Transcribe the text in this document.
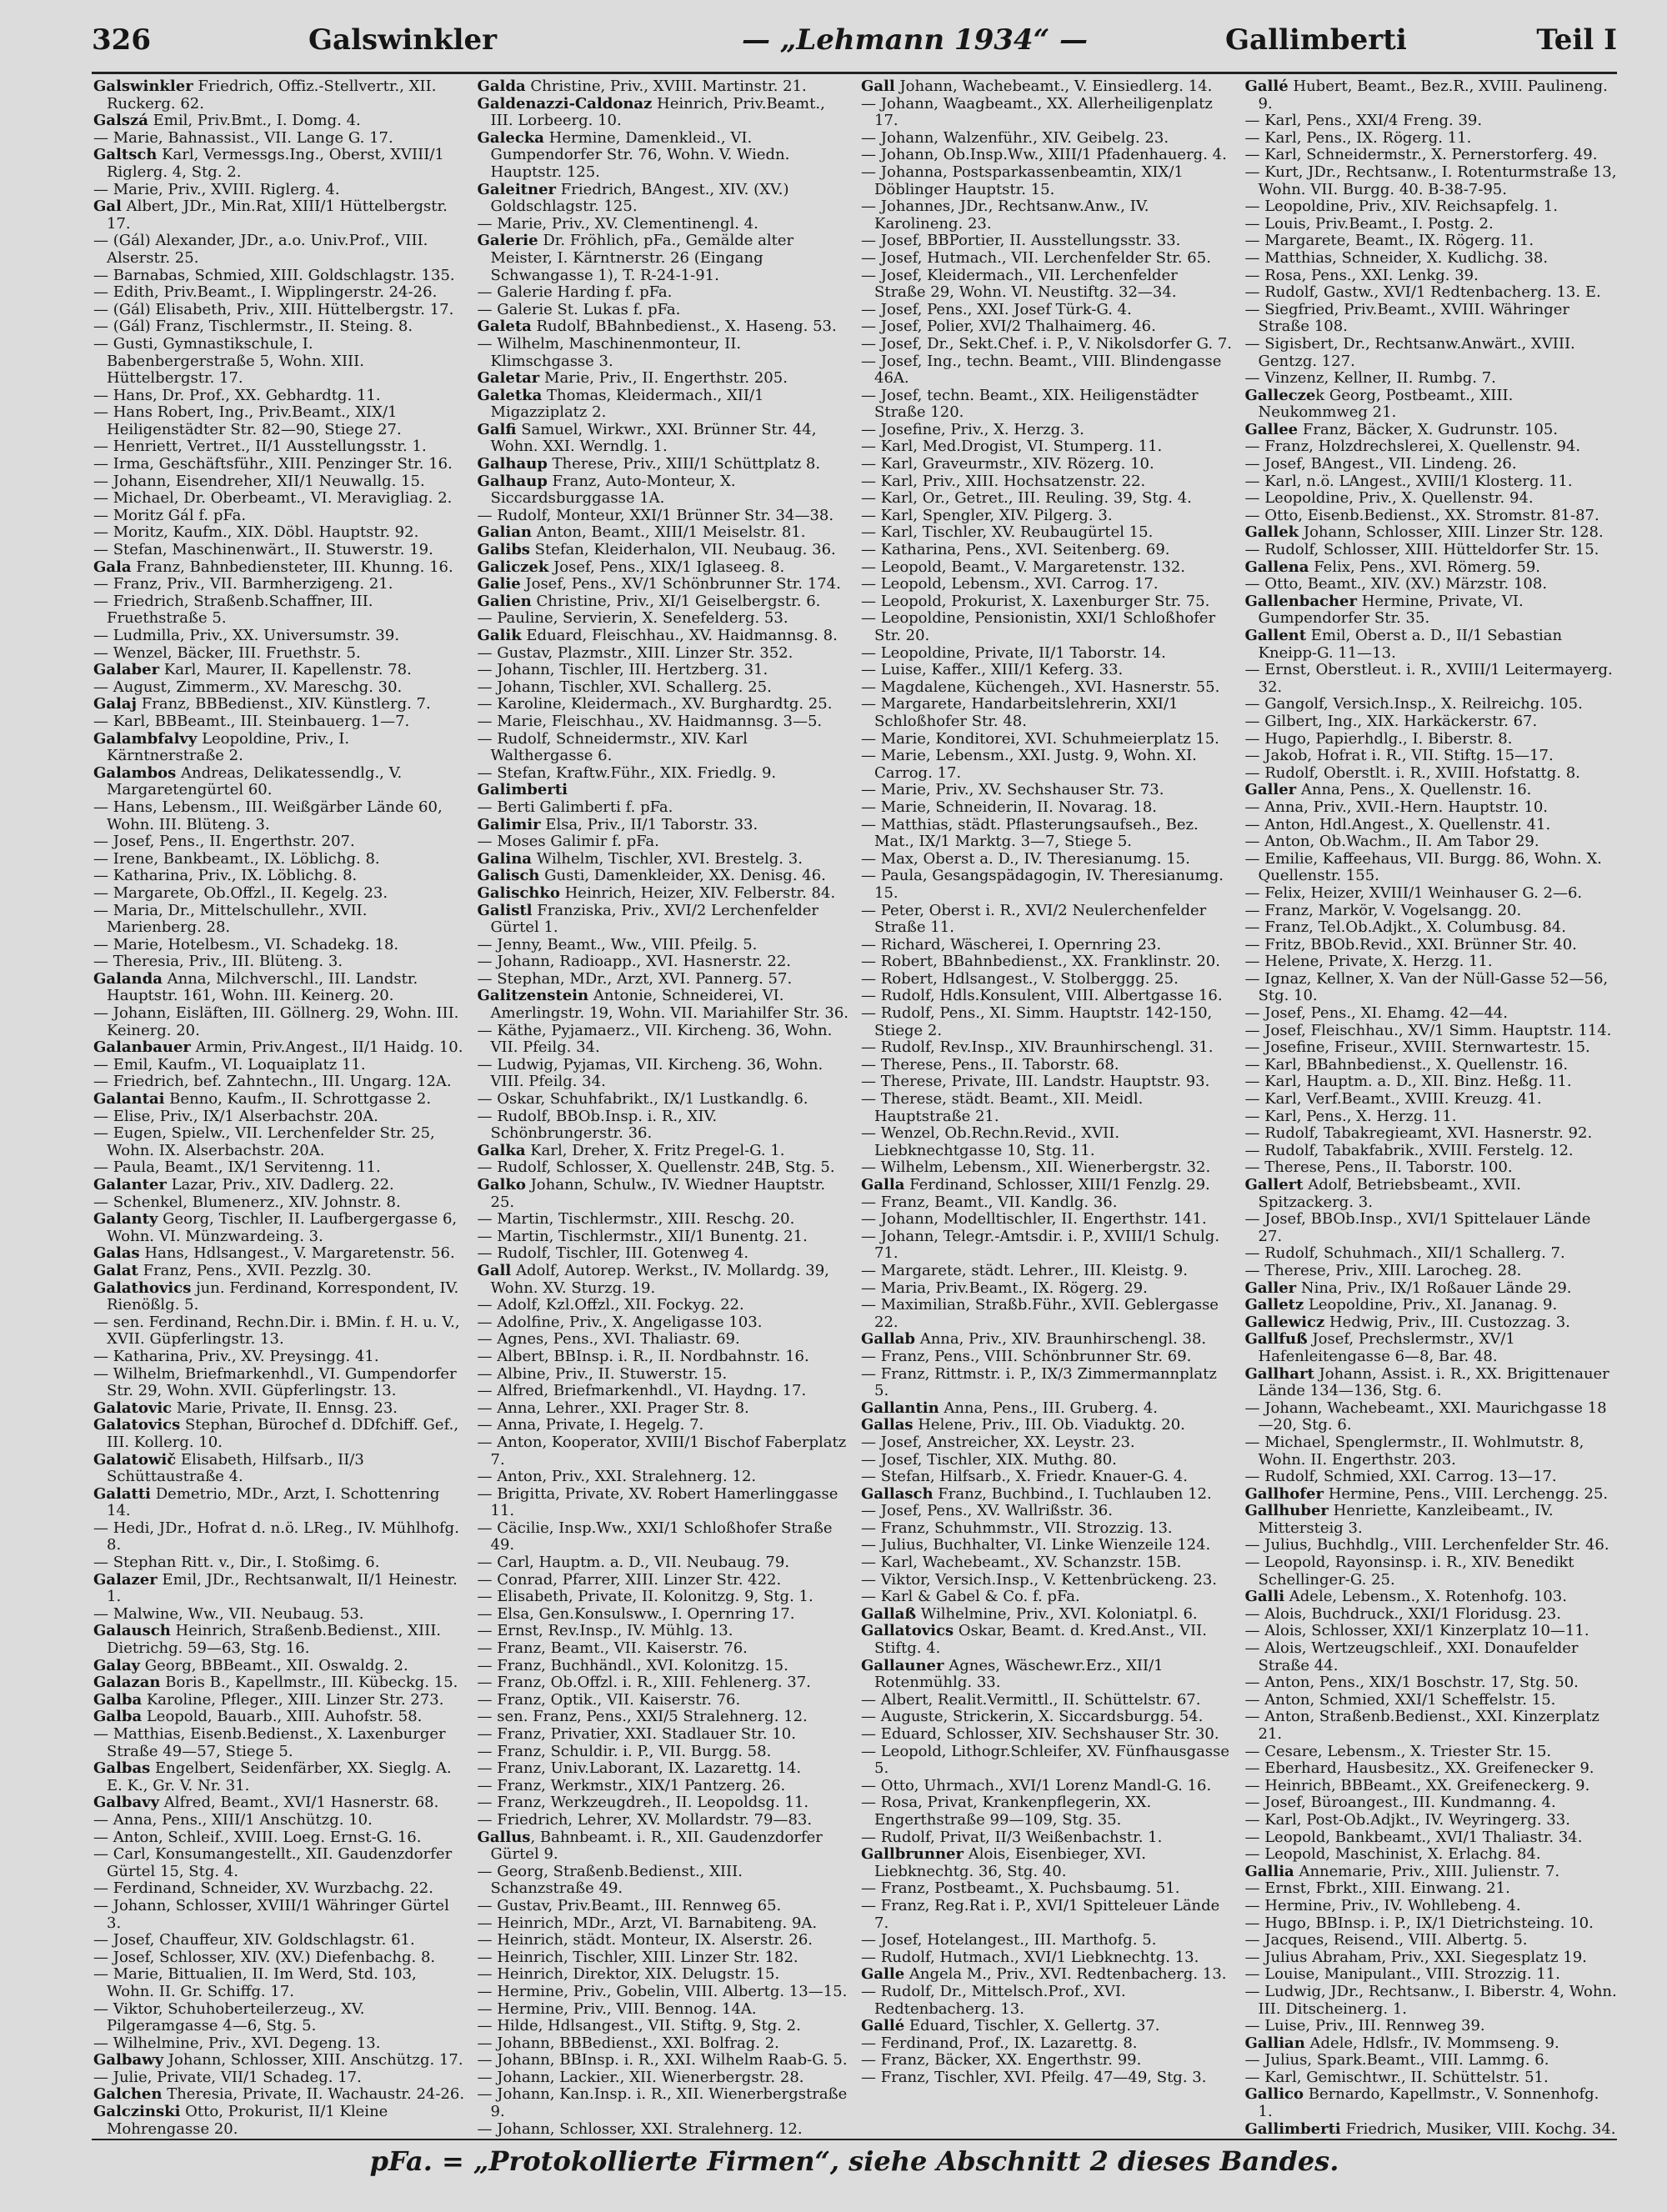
326	Galswinkler	— „Lehmann 1934“ —	Gallimberti	Teil I

Galswinkler Friedrich, Offiz.-Stellvertr., XII. Ruckerg. 62.

Galszá Emil, Priv.Bmt., I. Domg. 4.

— Marie, Bahnassist., VII. Lange G. 17.

Galtsch Karl, Vermessgs.Ing., Oberst, XVIII/1 Riglerg. 4, Stg. 2.

— Marie, Priv., XVIII. Riglerg. 4.

Gal Albert, JDr., Min.Rat, XIII/1 Hüttelbergstr. 17.

— (Gál) Alexander, JDr., a.o. Univ.Prof., VIII. Alserstr. 25.

— Barnabas, Schmied, XIII. Goldschlagstr. 135.

— Edith, Priv.Beamt., I. Wipplingerstr. 24-26.

— (Gál) Elisabeth, Priv., XIII. Hüttelbergstr. 17.

— (Gál) Franz, Tischlermstr., II. Steing. 8.

— Gusti, Gymnastikschule, I. Babenbergerstraße 5, Wohn. XIII. Hüttelbergstr. 17.

— Hans, Dr. Prof., XX. Gebhardtg. 11.

— Hans Robert, Ing., Priv.Beamt., XIX/1 Heiligenstädter Str. 82—90, Stiege 27.

— Henriett, Vertret., II/1 Ausstellungsstr. 1.

— Irma, Geschäftsführ., XIII. Penzinger Str. 16.

— Johann, Eisendreher, XII/1 Neuwallg. 15.

— Michael, Dr. Oberbeamt., VI. Meravigliag. 2.

— Moritz Gál f. pFa.

— Moritz, Kaufm., XIX. Döbl. Hauptstr. 92.

— Stefan, Maschinenwärt., II. Stuwerstr. 19.

Gala Franz, Bahnbediensteter, III. Khunng. 16.

— Franz, Priv., VII. Barmherzigeng. 21.

— Friedrich, Straßenb.Schaffner, III. Fruethstraße 5.

— Ludmilla, Priv., XX. Universumstr. 39.

— Wenzel, Bäcker, III. Fruethstr. 5.

Galaber Karl, Maurer, II. Kapellenstr. 78.

— August, Zimmerm., XV. Mareschg. 30.

Galaj Franz, BBBedienst., XIV. Künstlerg. 7.

— Karl, BBBeamt., III. Steinbauerg. 1—7.

Galambfalvy Leopoldine, Priv., I. Kärntnerstraße 2.

Galambos Andreas, Delikatessendlg., V. Margaretengürtel 60.

— Hans, Lebensm., III. Weißgärber Lände 60, Wohn. III. Blüteng. 3.

— Josef, Pens., II. Engerthstr. 207.

— Irene, Bankbeamt., IX. Löblichg. 8.

— Katharina, Priv., IX. Löblichg. 8.

— Margarete, Ob.Offzl., II. Kegelg. 23.

— Maria, Dr., Mittelschullehr., XVII. Marienberg. 28.

— Marie, Hotelbesm., VI. Schadekg. 18.

— Theresia, Priv., III. Blüteng. 3.

Galanda Anna, Milchverschl., III. Landstr. Hauptstr. 161, Wohn. III. Keinerg. 20.

— Johann, Eisläften, III. Göllnerg. 29, Wohn. III. Keinerg. 20.

Galanbauer Armin, Priv.Angest., II/1 Haidg. 10.

— Emil, Kaufm., VI. Loquaiplatz 11.

— Friedrich, bef. Zahntechn., III. Ungarg. 12A.

Galantai Benno, Kaufm., II. Schrottgasse 2.

— Elise, Priv., IX/1 Alserbachstr. 20A.

— Eugen, Spielw., VII. Lerchenfelder Str. 25, Wohn. IX. Alserbachstr. 20A.

— Paula, Beamt., IX/1 Servitenng. 11.

Galanter Lazar, Priv., XIV. Dadlerg. 22.

— Schenkel, Blumenerz., XIV. Johnstr. 8.

Galanty Georg, Tischler, II. Laufbergergasse 6, Wohn. VI. Münzwardeing. 3.

Galas Hans, Hdlsangest., V. Margaretenstr. 56.

Galat Franz, Pens., XVII. Pezzlg. 30.

Galathovics jun. Ferdinand, Korrespondent, IV. Rienößlg. 5.

— sen. Ferdinand, Rechn.Dir. i. BMin. f. H. u. V., XVII. Güpferlingstr. 13.

— Katharina, Priv., XV. Preysingg. 41.

— Wilhelm, Briefmarkenhdl., VI. Gumpendorfer Str. 29, Wohn. XVII. Güpferlingstr. 13.

Galatovic Marie, Private, II. Ennsg. 23.

Galatovics Stephan, Bürochef d. DDfchiff. Gef., III. Kollerg. 10.

Galatowič Elisabeth, Hilfsarb., II/3 Schüttaustraße 4.

Galatti Demetrio, MDr., Arzt, I. Schottenring 14.

— Hedi, JDr., Hofrat d. n.ö. LReg., IV. Mühlhofg. 8.

— Stephan Ritt. v., Dir., I. Stoßimg. 6.

Galazer Emil, JDr., Rechtsanwalt, II/1 Heinestr. 1.

— Malwine, Ww., VII. Neubaug. 53.

Galausch Heinrich, Straßenb.Bedienst., XIII. Dietrichg. 59—63, Stg. 16.

Galay Georg, BBBeamt., XII. Oswaldg. 2.

Galazan Boris B., Kapellmstr., III. Kübeckg. 15.

Galba Karoline, Pfleger., XIII. Linzer Str. 273.

Galba Leopold, Bauarb., XIII. Auhofstr. 58.

— Matthias, Eisenb.Bedienst., X. Laxenburger Straße 49—57, Stiege 5.

Galbas Engelbert, Seidenfärber, XX. Sieglg. A. E. K., Gr. V. Nr. 31.

Galbavy Alfred, Beamt., XVI/1 Hasnerstr. 68.

— Anna, Pens., XIII/1 Anschützg. 10.

— Anton, Schleif., XVIII. Loeg. Ernst-G. 16.

— Carl, Konsumangestellt., XII. Gaudenzdorfer Gürtel 15, Stg. 4.

— Ferdinand, Schneider, XV. Wurzbachg. 22.

— Johann, Schlosser, XVIII/1 Währinger Gürtel 3.

— Josef, Chauffeur, XIV. Goldschlagstr. 61.

— Josef, Schlosser, XIV. (XV.) Diefenbachg. 8.

— Marie, Bittualien, II. Im Werd, Std. 103, Wohn. II. Gr. Schiffg. 17.

— Viktor, Schuhoberteilerzeug., XV. Pilgeramgasse 4—6, Stg. 5.

— Wilhelmine, Priv., XVI. Degeng. 13.

Galbawy Johann, Schlosser, XIII. Anschützg. 17.

— Julie, Private, VII/1 Schadeg. 17.

Galchen Theresia, Private, II. Wachaustr. 24-26.

Galczinski Otto, Prokurist, II/1 Kleine Mohrengasse 20.

Galda Christine, Priv., XVIII. Martinstr. 21.

Galdenazzi-Caldonaz Heinrich, Priv.Beamt., III. Lorbeerg. 10.

Galecka Hermine, Damenkleid., VI. Gumpendorfer Str. 76, Wohn. V. Wiedn. Hauptstr. 125.

Galeitner Friedrich, BAngest., XIV. (XV.) Goldschlagstr. 125.

— Marie, Priv., XV. Clementinengl. 4.

Galerie Dr. Fröhlich, pFa., Gemälde alter Meister, I. Kärntnerstr. 26 (Eingang Schwangasse 1), T. R-24-1-91.

— Galerie Harding f. pFa.

— Galerie St. Lukas f. pFa.

Galeta Rudolf, BBahnbedienst., X. Haseng. 53.

— Wilhelm, Maschinenmonteur, II. Klimschgasse 3.

Galetar Marie, Priv., II. Engerthstr. 205.

Galetka Thomas, Kleidermach., XII/1 Migazziplatz 2.

Galfi Samuel, Wirkwr., XXI. Brünner Str. 44, Wohn. XXI. Werndlg. 1.

Galhaup Therese, Priv., XIII/1 Schüttplatz 8.

Galhaup Franz, Auto-Monteur, X. Siccardsburggasse 1A.

— Rudolf, Monteur, XXI/1 Brünner Str. 34—38.

Galian Anton, Beamt., XIII/1 Meiselstr. 81.

Galibs Stefan, Kleiderhalon, VII. Neubaug. 36.

Galiczek Josef, Pens., XIX/1 Iglaseeg. 8.

Galie Josef, Pens., XV/1 Schönbrunner Str. 174.

Galien Christine, Priv., XI/1 Geiselbergstr. 6.

— Pauline, Servierin, X. Senefelderg. 53.

Galik Eduard, Fleischhau., XV. Haidmannsg. 8.

— Gustav, Plazmstr., XIII. Linzer Str. 352.

— Johann, Tischler, III. Hertzberg. 31.

— Johann, Tischler, XVI. Schallerg. 25.

— Karoline, Kleidermach., XV. Burghardtg. 25.

— Marie, Fleischhau., XV. Haidmannsg. 3—5.

— Rudolf, Schneidermstr., XIV. Karl Walthergasse 6.

— Stefan, Kraftw.Führ., XIX. Friedlg. 9.

Galimberti

— Berti Galimberti f. pFa.

Galimir Elsa, Priv., II/1 Taborstr. 33.

— Moses Galimir f. pFa.

Galina Wilhelm, Tischler, XVI. Brestelg. 3.

Galisch Gusti, Damenkleider, XX. Denisg. 46.

Galischko Heinrich, Heizer, XIV. Felberstr. 84.

Galistl Franziska, Priv., XVI/2 Lerchenfelder Gürtel 1.

— Jenny, Beamt., Ww., VIII. Pfeilg. 5.

— Johann, Radioapp., XVI. Hasnerstr. 22.

— Stephan, MDr., Arzt, XVI. Pannerg. 57.

Galitzenstein Antonie, Schneiderei, VI. Amerlingstr. 19, Wohn. VII. Mariahilfer Str. 36.

— Käthe, Pyjamaerz., VII. Kircheng. 36, Wohn. VII. Pfeilg. 34.

— Ludwig, Pyjamas, VII. Kircheng. 36, Wohn. VIII. Pfeilg. 34.

— Oskar, Schuhfabrikt., IX/1 Lustkandlg. 6.

— Rudolf, BBOb.Insp. i. R., XIV. Schönbrungerstr. 36.

Galka Karl, Dreher, X. Fritz Pregel-G. 1.

— Rudolf, Schlosser, X. Quellenstr. 24B, Stg. 5.

Galko Johann, Schulw., IV. Wiedner Hauptstr. 25.

— Martin, Tischlermstr., XIII. Reschg. 20.

— Martin, Tischlermstr., XII/1 Bunentg. 21.

— Rudolf, Tischler, III. Gotenweg 4.

Gall Adolf, Autorep. Werkst., IV. Mollardg. 39, Wohn. XV. Sturzg. 19.

— Adolf, Kzl.Offzl., XII. Fockyg. 22.

— Adolfine, Priv., X. Angeligasse 103.

— Agnes, Pens., XVI. Thaliastr. 69.

— Albert, BBInsp. i. R., II. Nordbahnstr. 16.

— Albine, Priv., II. Stuwerstr. 15.

— Alfred, Briefmarkenhdl., VI. Haydng. 17.

— Anna, Lehrer., XXI. Prager Str. 8.

— Anna, Private, I. Hegelg. 7.

— Anton, Kooperator, XVIII/1 Bischof Faberplatz 7.

— Anton, Priv., XXI. Stralehnerg. 12.

— Brigitta, Private, XV. Robert Hamerlinggasse 11.

— Cäcilie, Insp.Ww., XXI/1 Schloßhofer Straße 49.

— Carl, Hauptm. a. D., VII. Neubaug. 79.

— Conrad, Pfarrer, XIII. Linzer Str. 422.

— Elisabeth, Private, II. Kolonitzg. 9, Stg. 1.

— Elsa, Gen.Konsulsww., I. Opernring 17.

— Ernst, Rev.Insp., IV. Mühlg. 13.

— Franz, Beamt., VII. Kaiserstr. 76.

— Franz, Buchhändl., XVI. Kolonitzg. 15.

— Franz, Ob.Offzl. i. R., XIII. Fehlenerg. 37.

— Franz, Optik., VII. Kaiserstr. 76.

— sen. Franz, Pens., XXI/5 Stralehnerg. 12.

— Franz, Privatier, XXI. Stadlauer Str. 10.

— Franz, Schuldir. i. P., VII. Burgg. 58.

— Franz, Univ.Laborant, IX. Lazarettg. 14.

— Franz, Werkmstr., XIX/1 Pantzerg. 26.

— Franz, Werkzeugdreh., II. Leopoldsg. 11.

— Friedrich, Lehrer, XV. Mollardstr. 79—83.

Gallus, Bahnbeamt. i. R., XII. Gaudenzdorfer Gürtel 9.

— Georg, Straßenb.Bedienst., XIII. Schanzstraße 49.

— Gustav, Priv.Beamt., III. Rennweg 65.

— Heinrich, MDr., Arzt, VI. Barnabiteng. 9A.

— Heinrich, städt. Monteur, IX. Alserstr. 26.

— Heinrich, Tischler, XIII. Linzer Str. 182.

— Heinrich, Direktor, XIX. Delugstr. 15.

— Hermine, Priv., Gobelin, VIII. Albertg. 13—15.

— Hermine, Priv., VIII. Bennog. 14A.

— Hilde, Hdlsangest., VII. Stiftg. 9, Stg. 2.

— Johann, BBBedienst., XXI. Bolfrag. 2.

— Johann, BBInsp. i. R., XXI. Wilhelm Raab-G. 5.

— Johann, Lackier., XII. Wienerbergstr. 28.

— Johann, Kan.Insp. i. R., XII. Wienerbergstraße 9.

— Johann, Schlosser, XXI. Stralehnerg. 12.

Gall Johann, Wachebeamt., V. Einsiedlerg. 14.

— Johann, Waagbeamt., XX. Allerheiligenplatz 17.

— Johann, Walzenführ., XIV. Geibelg. 23.

— Johann, Ob.Insp.Ww., XIII/1 Pfadenhauerg. 4.

— Johanna, Postsparkassenbeamtin, XIX/1 Döblinger Hauptstr. 15.

— Johannes, JDr., Rechtsanw.Anw., IV. Karolineng. 23.

— Josef, BBPortier, II. Ausstellungsstr. 33.

— Josef, Hutmach., VII. Lerchenfelder Str. 65.

— Josef, Kleidermach., VII. Lerchenfelder Straße 29, Wohn. VI. Neustiftg. 32—34.

— Josef, Pens., XXI. Josef Türk-G. 4.

— Josef, Polier, XVI/2 Thalhaimerg. 46.

— Josef, Dr., Sekt.Chef. i. P., V. Nikolsdorfer G. 7.

— Josef, Ing., techn. Beamt., VIII. Blindengasse 46A.

— Josef, techn. Beamt., XIX. Heiligenstädter Straße 120.

— Josefine, Priv., X. Herzg. 3.

— Karl, Med.Drogist, VI. Stumperg. 11.

— Karl, Graveurmstr., XIV. Rözerg. 10.

— Karl, Priv., XIII. Hochsatzenstr. 22.

— Karl, Or., Getret., III. Reuling. 39, Stg. 4.

— Karl, Spengler, XIV. Pilgerg. 3.

— Karl, Tischler, XV. Reubaugürtel 15.

— Katharina, Pens., XVI. Seitenberg. 69.

— Leopold, Beamt., V. Margaretenstr. 132.

— Leopold, Lebensm., XVI. Carrog. 17.

— Leopold, Prokurist, X. Laxenburger Str. 75.

— Leopoldine, Pensionistin, XXI/1 Schloßhofer Str. 20.

— Leopoldine, Private, II/1 Taborstr. 14.

— Luise, Kaffer., XIII/1 Keferg. 33.

— Magdalene, Küchengeh., XVI. Hasnerstr. 55.

— Margarete, Handarbeitslehrerin, XXI/1 Schloßhofer Str. 48.

— Marie, Konditorei, XVI. Schuhmeierplatz 15.

— Marie, Lebensm., XXI. Justg. 9, Wohn. XI. Carrog. 17.

— Marie, Priv., XV. Sechshauser Str. 73.

— Marie, Schneiderin, II. Novarag. 18.

— Matthias, städt. Pflasterungsaufseh., Bez. Mat., IX/1 Marktg. 3—7, Stiege 5.

— Max, Oberst a. D., IV. Theresianumg. 15.

— Paula, Gesangspädagogin, IV. Theresianumg. 15.

— Peter, Oberst i. R., XVI/2 Neulerchenfelder Straße 11.

— Richard, Wäscherei, I. Opernring 23.

— Robert, BBahnbedienst., XX. Franklinstr. 20.

— Robert, Hdlsangest., V. Stolberggg. 25.

— Rudolf, Hdls.Konsulent, VIII. Albertgasse 16.

— Rudolf, Pens., XI. Simm. Hauptstr. 142-150, Stiege 2.

— Rudolf, Rev.Insp., XIV. Braunhirschengl. 31.

— Therese, Pens., II. Taborstr. 68.

— Therese, Private, III. Landstr. Hauptstr. 93.

— Therese, städt. Beamt., XII. Meidl. Hauptstraße 21.

— Wenzel, Ob.Rechn.Revid., XVII. Liebknechtgasse 10, Stg. 11.

— Wilhelm, Lebensm., XII. Wienerbergstr. 32.

Galla Ferdinand, Schlosser, XIII/1 Fenzlg. 29.

— Franz, Beamt., VII. Kandlg. 36.

— Johann, Modelltischler, II. Engerthstr. 141.

— Johann, Telegr.-Amtsdir. i. P., XVIII/1 Schulg. 71.

— Margarete, städt. Lehrer., III. Kleistg. 9.

— Maria, Priv.Beamt., IX. Rögerg. 29.

— Maximilian, Straßb.Führ., XVII. Geblergasse 22.

Gallab Anna, Priv., XIV. Braunhirschengl. 38.

— Franz, Pens., VIII. Schönbrunner Str. 69.

— Franz, Rittmstr. i. P., IX/3 Zimmermannplatz 5.

Gallantin Anna, Pens., III. Gruberg. 4.

Gallas Helene, Priv., III. Ob. Viaduktg. 20.

— Josef, Anstreicher, XX. Leystr. 23.

— Josef, Tischler, XIX. Muthg. 80.

— Stefan, Hilfsarb., X. Friedr. Knauer-G. 4.

Gallasch Franz, Buchbind., I. Tuchlauben 12.

— Josef, Pens., XV. Wallrißstr. 36.

— Franz, Schuhmmstr., VII. Strozzig. 13.

— Julius, Buchhalter, VI. Linke Wienzeile 124.

— Karl, Wachebeamt., XV. Schanzstr. 15B.

— Viktor, Versich.Insp., V. Kettenbrückeng. 23.

— Karl & Gabel & Co. f. pFa.

Gallaß Wilhelmine, Priv., XVI. Koloniatpl. 6.

Gallatovics Oskar, Beamt. d. Kred.Anst., VII. Stiftg. 4.

Gallauner Agnes, Wäschewr.Erz., XII/1 Rotenmühlg. 33.

— Albert, Realit.Vermittl., II. Schüttelstr. 67.

— Auguste, Strickerin, X. Siccardsburgg. 54.

— Eduard, Schlosser, XIV. Sechshauser Str. 30.

— Leopold, Lithogr.Schleifer, XV. Fünfhausgasse 5.

— Otto, Uhrmach., XVI/1 Lorenz Mandl-G. 16.

— Rosa, Privat, Krankenpflegerin, XX. Engerthstraße 99—109, Stg. 35.

— Rudolf, Privat, II/3 Weißenbachstr. 1.

Gallbrunner Alois, Eisenbieger, XVI. Liebknechtg. 36, Stg. 40.

— Franz, Postbeamt., X. Puchsbaumg. 51.

— Franz, Reg.Rat i. P., XVI/1 Spitteleuer Lände 7.

— Josef, Hotelangest., III. Marthofg. 5.

— Rudolf, Hutmach., XVI/1 Liebknechtg. 13.

Galle Angela M., Priv., XVI. Redtenbacherg. 13.

— Rudolf, Dr., Mittelsch.Prof., XVI. Redtenbacherg. 13.

Gallé Eduard, Tischler, X. Gellertg. 37.

— Ferdinand, Prof., IX. Lazarettg. 8.

— Franz, Bäcker, XX. Engerthstr. 99.

— Franz, Tischler, XVI. Pfeilg. 47—49, Stg. 3.

Gallé Hubert, Beamt., Bez.R., XVIII. Paulineng. 9.

— Karl, Pens., XXI/4 Freng. 39.

— Karl, Pens., IX. Rögerg. 11.

— Karl, Schneidermstr., X. Pernerstorferg. 49.

— Kurt, JDr., Rechtsanw., I. Rotenturmstraße 13, Wohn. VII. Burgg. 40. B-38-7-95.

— Leopoldine, Priv., XIV. Reichsapfelg. 1.

— Louis, Priv.Beamt., I. Postg. 2.

— Margarete, Beamt., IX. Rögerg. 11.

— Matthias, Schneider, X. Kudlichg. 38.

— Rosa, Pens., XXI. Lenkg. 39.

— Rudolf, Gastw., XVI/1 Redtenbacherg. 13. E.

— Siegfried, Priv.Beamt., XVIII. Währinger Straße 108.

— Sigisbert, Dr., Rechtsanw.Anwärt., XVIII. Gentzg. 127.

— Vinzenz, Kellner, II. Rumbg. 7.

Galleczek Georg, Postbeamt., XIII. Neukommweg 21.

Gallee Franz, Bäcker, X. Gudrunstr. 105.

— Franz, Holzdrechslerei, X. Quellenstr. 94.

— Josef, BAngest., VII. Lindeng. 26.

— Karl, n.ö. LAngest., XVIII/1 Klosterg. 11.

— Leopoldine, Priv., X. Quellenstr. 94.

— Otto, Eisenb.Bedienst., XX. Stromstr. 81-87.

Gallek Johann, Schlosser, XIII. Linzer Str. 128.

— Rudolf, Schlosser, XIII. Hütteldorfer Str. 15.

Gallena Felix, Pens., XVI. Römerg. 59.

— Otto, Beamt., XIV. (XV.) Märzstr. 108.

Gallenbacher Hermine, Private, VI. Gumpendorfer Str. 35.

Gallent Emil, Oberst a. D., II/1 Sebastian Kneipp-G. 11—13.

— Ernst, Oberstleut. i. R., XVIII/1 Leitermayerg. 32.

— Gangolf, Versich.Insp., X. Reilreichg. 105.

— Gilbert, Ing., XIX. Harkäckerstr. 67.

— Hugo, Papierhdlg., I. Biberstr. 8.

— Jakob, Hofrat i. R., VII. Stiftg. 15—17.

— Rudolf, Oberstlt. i. R., XVIII. Hofstattg. 8.

Galler Anna, Pens., X. Quellenstr. 16.

— Anna, Priv., XVII.-Hern. Hauptstr. 10.

— Anton, Hdl.Angest., X. Quellenstr. 41.

— Anton, Ob.Wachm., II. Am Tabor 29.

— Emilie, Kaffeehaus, VII. Burgg. 86, Wohn. X. Quellenstr. 155.

— Felix, Heizer, XVIII/1 Weinhauser G. 2—6.

— Franz, Markör, V. Vogelsangg. 20.

— Franz, Tel.Ob.Adjkt., X. Columbusg. 84.

— Fritz, BBOb.Revid., XXI. Brünner Str. 40.

— Helene, Private, X. Herzg. 11.

— Ignaz, Kellner, X. Van der Nüll-Gasse 52—56, Stg. 10.

— Josef, Pens., XI. Ehamg. 42—44.

— Josef, Fleischhau., XV/1 Simm. Hauptstr. 114.

— Josefine, Friseur., XVIII. Sternwartestr. 15.

— Karl, BBahnbedienst., X. Quellenstr. 16.

— Karl, Hauptm. a. D., XII. Binz. Heßg. 11.

— Karl, Verf.Beamt., XVIII. Kreuzg. 41.

— Karl, Pens., X. Herzg. 11.

— Rudolf, Tabakregieamt, XVI. Hasnerstr. 92.

— Rudolf, Tabakfabrik., XVIII. Ferstelg. 12.

— Therese, Pens., II. Taborstr. 100.

Gallert Adolf, Betriebsbeamt., XVII. Spitzackerg. 3.

— Josef, BBOb.Insp., XVI/1 Spittelauer Lände 27.

— Rudolf, Schuhmach., XII/1 Schallerg. 7.

— Therese, Priv., XIII. Larocheg. 28.

Galler Nina, Priv., IX/1 Roßauer Lände 29.

Galletz Leopoldine, Priv., XI. Jananag. 9.

Gallewicz Hedwig, Priv., III. Custozzag. 3.

Gallfuß Josef, Prechslermstr., XV/1 Hafenleitengasse 6—8, Bar. 48.

Gallhart Johann, Assist. i. R., XX. Brigittenauer Lände 134—136, Stg. 6.

— Johann, Wachebeamt., XXI. Maurichgasse 18—20, Stg. 6.

— Michael, Spenglermstr., II. Wohlmutstr. 8, Wohn. II. Engerthstr. 203.

— Rudolf, Schmied, XXI. Carrog. 13—17.

Gallhofer Hermine, Pens., VIII. Lerchengg. 25.

Gallhuber Henriette, Kanzleibeamt., IV. Mittersteig 3.

— Julius, Buchhdlg., VIII. Lerchenfelder Str. 46.

— Leopold, Rayonsinsp. i. R., XIV. Benedikt Schellinger-G. 25.

Galli Adele, Lebensm., X. Rotenhofg. 103.

— Alois, Buchdruck., XXI/1 Floridusg. 23.

— Alois, Schlosser, XXI/1 Kinzerplatz 10—11.

— Alois, Wertzeugschleif., XXI. Donaufelder Straße 44.

— Anton, Pens., XIX/1 Boschstr. 17, Stg. 50.

— Anton, Schmied, XXI/1 Scheffelstr. 15.

— Anton, Straßenb.Bedienst., XXI. Kinzerplatz 21.

— Cesare, Lebensm., X. Triester Str. 15.

— Eberhard, Hausbesitz., XX. Greifenecker 9.

— Heinrich, BBBeamt., XX. Greifeneckerg. 9.

— Josef, Büroangest., III. Kundmanng. 4.

— Karl, Post-Ob.Adjkt., IV. Weyringerg. 33.

— Leopold, Bankbeamt., XVI/1 Thaliastr. 34.

— Leopold, Maschinist, X. Erlachg. 84.

Gallia Annemarie, Priv., XIII. Julienstr. 7.

— Ernst, Fbrkt., XIII. Einwang. 21.

— Hermine, Priv., IV. Wohllebeng. 4.

— Hugo, BBInsp. i. P., IX/1 Dietrichsteing. 10.

— Jacques, Reisend., VIII. Albertg. 5.

— Julius Abraham, Priv., XXI. Siegesplatz 19.

— Louise, Manipulant., VIII. Strozzig. 11.

— Ludwig, JDr., Rechtsanw., I. Biberstr. 4, Wohn. III. Ditscheinerg. 1.

— Luise, Priv., III. Rennweg 39.

Gallian Adele, Hdlsfr., IV. Mommseng. 9.

— Julius, Spark.Beamt., VIII. Lammg. 6.

— Karl, Gemischtwr., II. Schüttelstr. 51.

Gallico Bernardo, Kapellmstr., V. Sonnenhofg. 1.

Gallimberti Friedrich, Musiker, VIII. Kochg. 34.

pFa. = „Protokollierte Firmen“, siehe Abschnitt 2 dieses Bandes.
